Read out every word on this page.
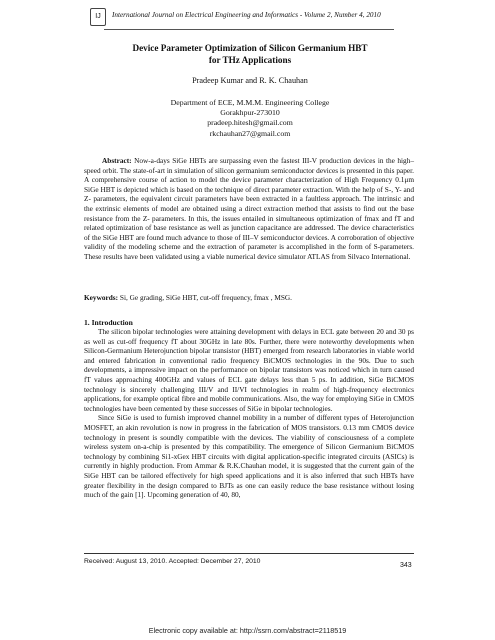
IJ	International Journal on Electrical Engineering and Informatics - Volume 2, Number 4, 2010
Device Parameter Optimization of Silicon Germanium HBT
for THz Applications
Pradeep Kumar and R. K. Chauhan
Department of ECE, M.M.M. Engineering College
Gorakhpur-273010
pradeep.hitesh@gmail.com
rkchauhan27@gmail.com
Abstract: Now-a-days SiGe HBTs are surpassing even the fastest III-V production devices in the high–speed orbit. The state-of-art in simulation of silicon germanium semiconductor devices is presented in this paper. A comprehensive course of action to model the device parameter characterization of High Frequency 0.1μm SiGe HBT is depicted which is based on the technique of direct parameter extraction. With the help of S-, Y- and Z- parameters, the equivalent circuit parameters have been extracted in a faultless approach. The intrinsic and the extrinsic elements of model are obtained using a direct extraction method that assists to find out the base resistance from the Z- parameters. In this, the issues entailed in simultaneous optimization of fmax and fT and related optimization of base resistance as well as junction capacitance are addressed. The device characteristics of the SiGe HBT are found much advance to those of III–V semiconductor devices. A corroboration of objective validity of the modeling scheme and the extraction of parameter is accomplished in the form of S-parameters. These results have been validated using a viable numerical device simulator ATLAS from Silvaco International.
Keywords: Si, Ge grading, SiGe HBT, cut-off frequency, fmax , MSG.
1. Introduction

The silicon bipolar technologies were attaining development with delays in ECL gate between 20 and 30 ps as well as cut-off frequency fT about 30GHz in late 80s. Further, there were noteworthy developments when Silicon-Germanium Heterojunction bipolar transistor (HBT) emerged from research laboratories in viable world and entered fabrication in conventional radio frequency BiCMOS technologies in the 90s. Due to such developments, a impressive impact on the performance on bipolar transistors was noticed which in turn caused fT values approaching 400GHz and values of ECL gate delays less than 5 ps. In addition, SiGe BiCMOS technology is sincerely challenging III/V and II/VI technologies in realm of high-frequency electronics applications, for example optical fibre and mobile communications. Also, the way for employing SiGe in CMOS technologies have been cemented by these successes of SiGe in bipolar technologies.

Since SiGe is used to furnish improved channel mobility in a number of different types of Heterojunction MOSFET, an akin revolution is now in progress in the fabrication of MOS transistors. 0.13 mm CMOS device technology in present is soundly compatible with the devices. The viability of consciousness of a complete wireless system on-a-chip is presented by this compatibility. The emergence of Silicon Germanium BiCMOS technology by combining Si1-xGex HBT circuits with digital application-specific integrated circuits (ASICs) is currently in highly production. From Ammar & R.K.Chauhan model, it is suggested that the current gain of the SiGe HBT can be tailored effectively for high speed applications and it is also inferred that such HBTs have greater flexibility in the design compared to BJTs as one can easily reduce the base resistance without losing much of the gain [1]. Upcoming generation of 40, 80,

Received: August 13, 2010. Accepted: December 27, 2010
343
Electronic copy available at: http://ssrn.com/abstract=2118519
